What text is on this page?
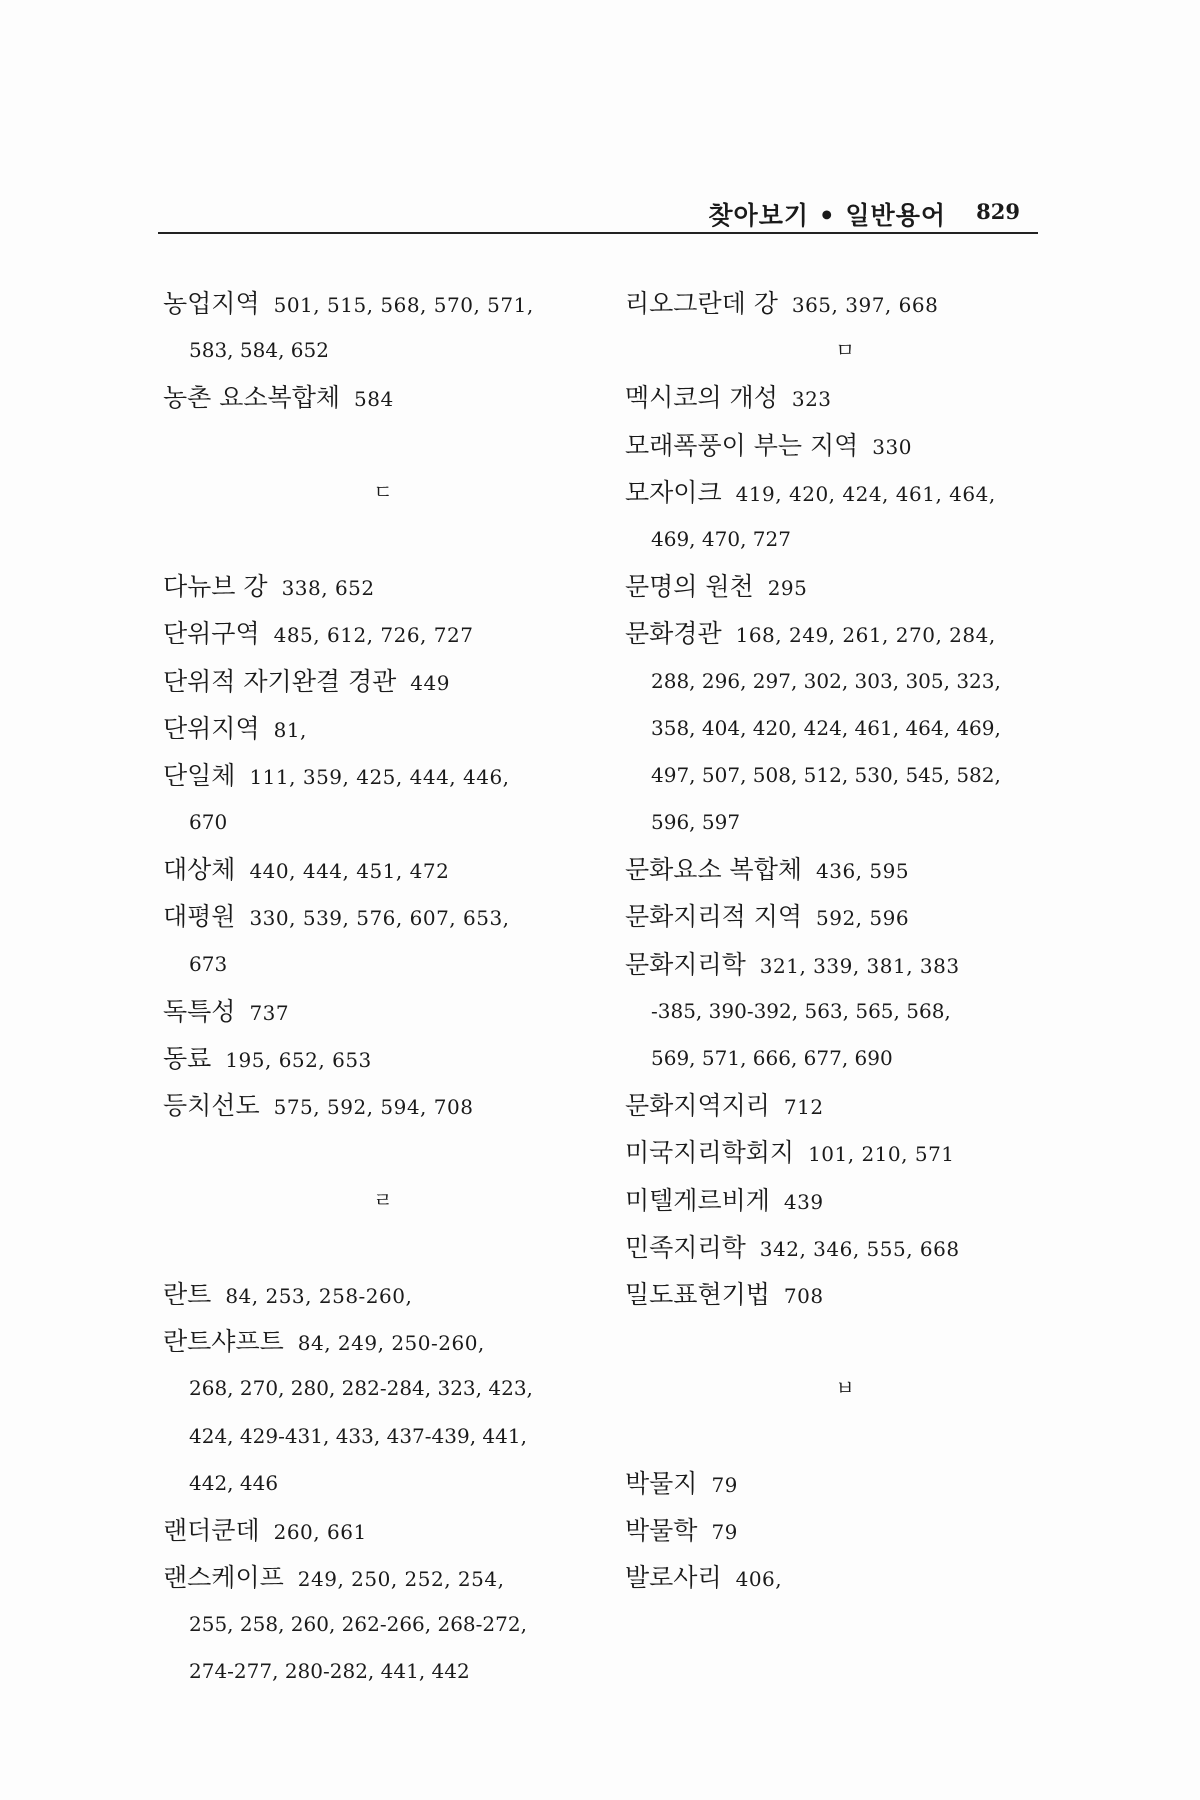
찾아보기 • 일반용어 829
농업지역 501, 515, 568, 570, 571,
583, 584, 652
농촌 요소복합체 584
ㄷ
다뉴브 강 338, 652
단위구역 485, 612, 726, 727
단위적 자기완결 경관 449
단위지역 81,
단일체 111, 359, 425, 444, 446,
670
대상체 440, 444, 451, 472
대평원 330, 539, 576, 607, 653,
673
독특성 737
동료 195, 652, 653
등치선도 575, 592, 594, 708
ㄹ
란트 84, 253, 258-260,
란트샤프트 84, 249, 250-260,
268, 270, 280, 282-284, 323, 423,
424, 429-431, 433, 437-439, 441,
442, 446
랜더쿤데 260, 661
랜스케이프 249, 250, 252, 254,
255, 258, 260, 262-266, 268-272,
274-277, 280-282, 441, 442
리오그란데 강 365, 397, 668
ㅁ
멕시코의 개성 323
모래폭풍이 부는 지역 330
모자이크 419, 420, 424, 461, 464,
469, 470, 727
문명의 원천 295
문화경관 168, 249, 261, 270, 284,
288, 296, 297, 302, 303, 305, 323,
358, 404, 420, 424, 461, 464, 469,
497, 507, 508, 512, 530, 545, 582,
596, 597
문화요소 복합체 436, 595
문화지리적 지역 592, 596
문화지리학 321, 339, 381, 383
-385, 390-392, 563, 565, 568,
569, 571, 666, 677, 690
문화지역지리 712
미국지리학회지 101, 210, 571
미텔게르비게 439
민족지리학 342, 346, 555, 668
밀도표현기법 708
ㅂ
박물지 79
박물학 79
발로사리 406,
